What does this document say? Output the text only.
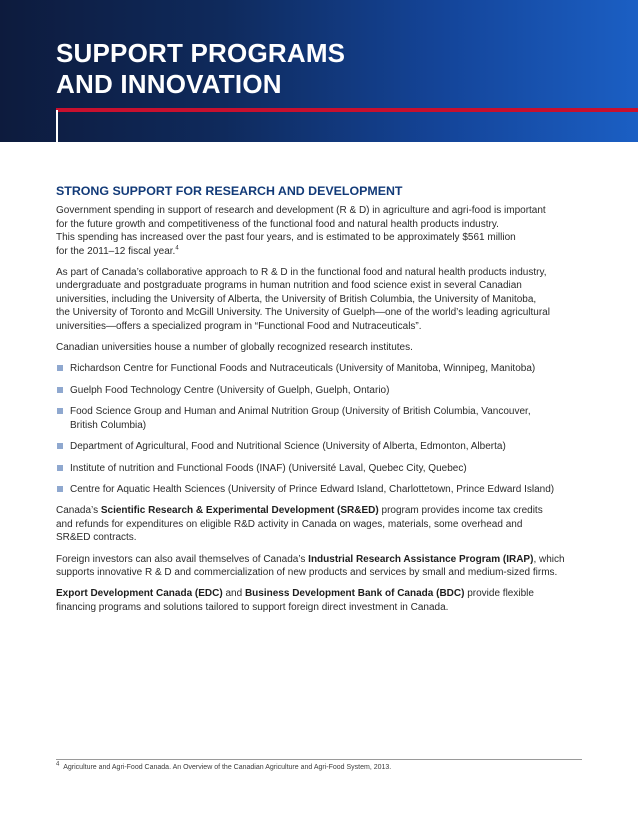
SUPPORT PROGRAMS
AND INNOVATION
STRONG SUPPORT FOR RESEARCH AND DEVELOPMENT
Government spending in support of research and development (R & D) in agriculture and agri-food is important
for the future growth and competitiveness of the functional food and natural health products industry.
This spending has increased over the past four years, and is estimated to be approximately $561 million
for the 2011–12 fiscal year.$^4$
As part of Canada’s collaborative approach to R & D in the functional food and natural health products industry,
undergraduate and postgraduate programs in human nutrition and food science exist in several Canadian
universities, including the University of Alberta, the University of British Columbia, the University of Manitoba,
the University of Toronto and McGill University. The University of Guelph—one of the world’s leading agricultural
universities—offers a specialized program in “Functional Food and Nutraceuticals”.
Canadian universities house a number of globally recognized research institutes.
Richardson Centre for Functional Foods and Nutraceuticals (University of Manitoba, Winnipeg, Manitoba)
Guelph Food Technology Centre (University of Guelph, Guelph, Ontario)
Food Science Group and Human and Animal Nutrition Group (University of British Columbia, Vancouver,
British Columbia)
Department of Agricultural, Food and Nutritional Science (University of Alberta, Edmonton, Alberta)
Institute of nutrition and Functional Foods (INAF) (Université Laval, Quebec City, Quebec)
Centre for Aquatic Health Sciences (University of Prince Edward Island, Charlottetown, Prince Edward Island)
Canada’s Scientific Research & Experimental Development (SR&ED) program provides income tax credits
and refunds for expenditures on eligible R&D activity in Canada on wages, materials, some overhead and
SR&ED contracts.
Foreign investors can also avail themselves of Canada’s Industrial Research Assistance Program (IRAP), which
supports innovative R & D and commercialization of new products and services by small and medium-sized firms.
Export Development Canada (EDC) and Business Development Bank of Canada (BDC) provide flexible
financing programs and solutions tailored to support foreign direct investment in Canada.
$^4$ Agriculture and Agri-Food Canada. An Overview of the Canadian Agriculture and Agri-Food System, 2013.
